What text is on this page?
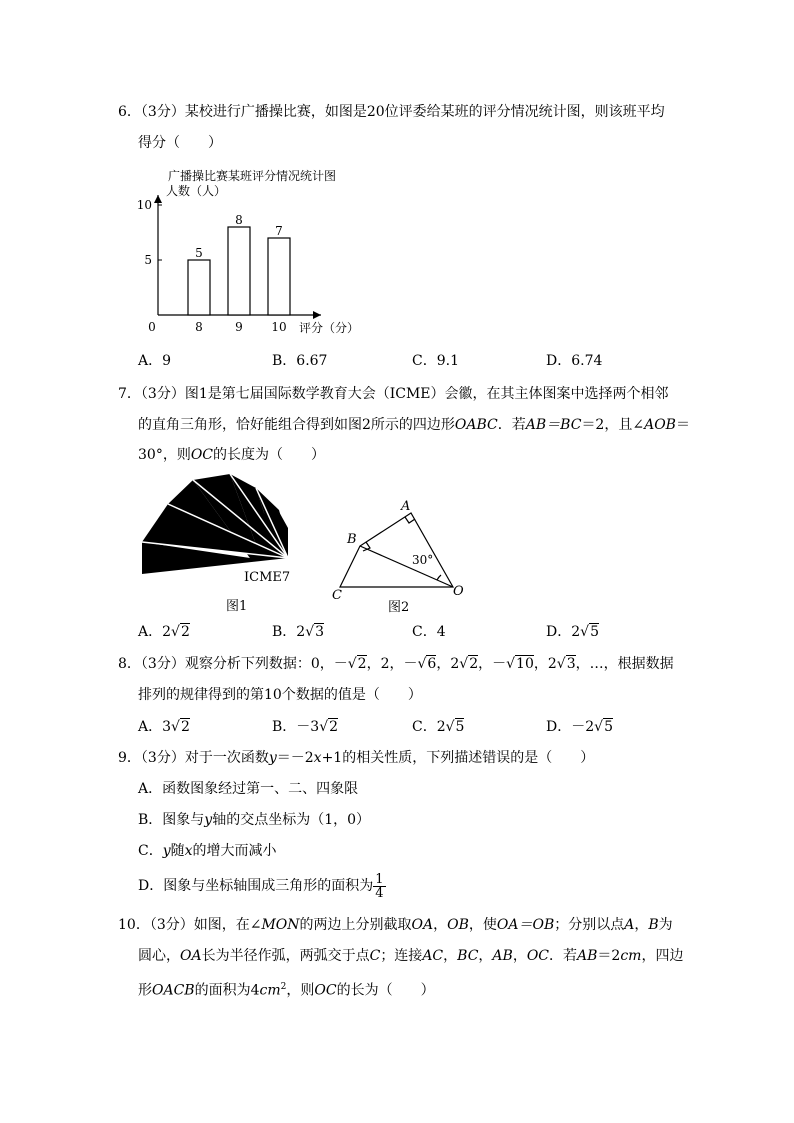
6．（3分）某校进行广播操比赛，如图是20位评委给某班的评分情况统计图，则该班平均
得分（　　）
广播操比赛某班评分情况统计图
人数（人）
0
5
10
5
8
8
9
7
10 评分（分）
A．9	B．6.67	C．9.1	D．6.74
7．（3分）图1是第七届国际数学教育大会（ICME）会徽，在其主体图案中选择两个相邻
的直角三角形，恰好能组合得到如图2所示的四边形OABC．若AB＝BC＝2，且∠AOB＝
30°，则OC的长度为（　　）
ICME7
图1
A
B
C	O
30°
图2
A．2√2	B．2√3	C．4	D．2√5
8．（3分）观察分析下列数据：0，－√2，2，－√6，2√2，－√10，2√3，…，根据数据
排列的规律得到的第10个数据的值是（　　）
A．3√2	B．－3√2	C．2√5	D．－2√5
9．（3分）对于一次函数y＝－2x+1的相关性质，下列描述错误的是（　　）
A．函数图象经过第一、二、四象限
B．图象与y轴的交点坐标为（1，0）
C．y随x的增大而减小
D．图象与坐标轴围成三角形的面积为 $\frac{1}{4}$
10．（3分）如图，在∠MON的两边上分别截取OA，OB，使OA＝OB；分别以点A，B为
圆心，OA长为半径作弧，两弧交于点C；连接AC，BC，AB，OC．若AB＝2cm，四边
形OACB的面积为$4cm^2$，则OC的长为（　　）
